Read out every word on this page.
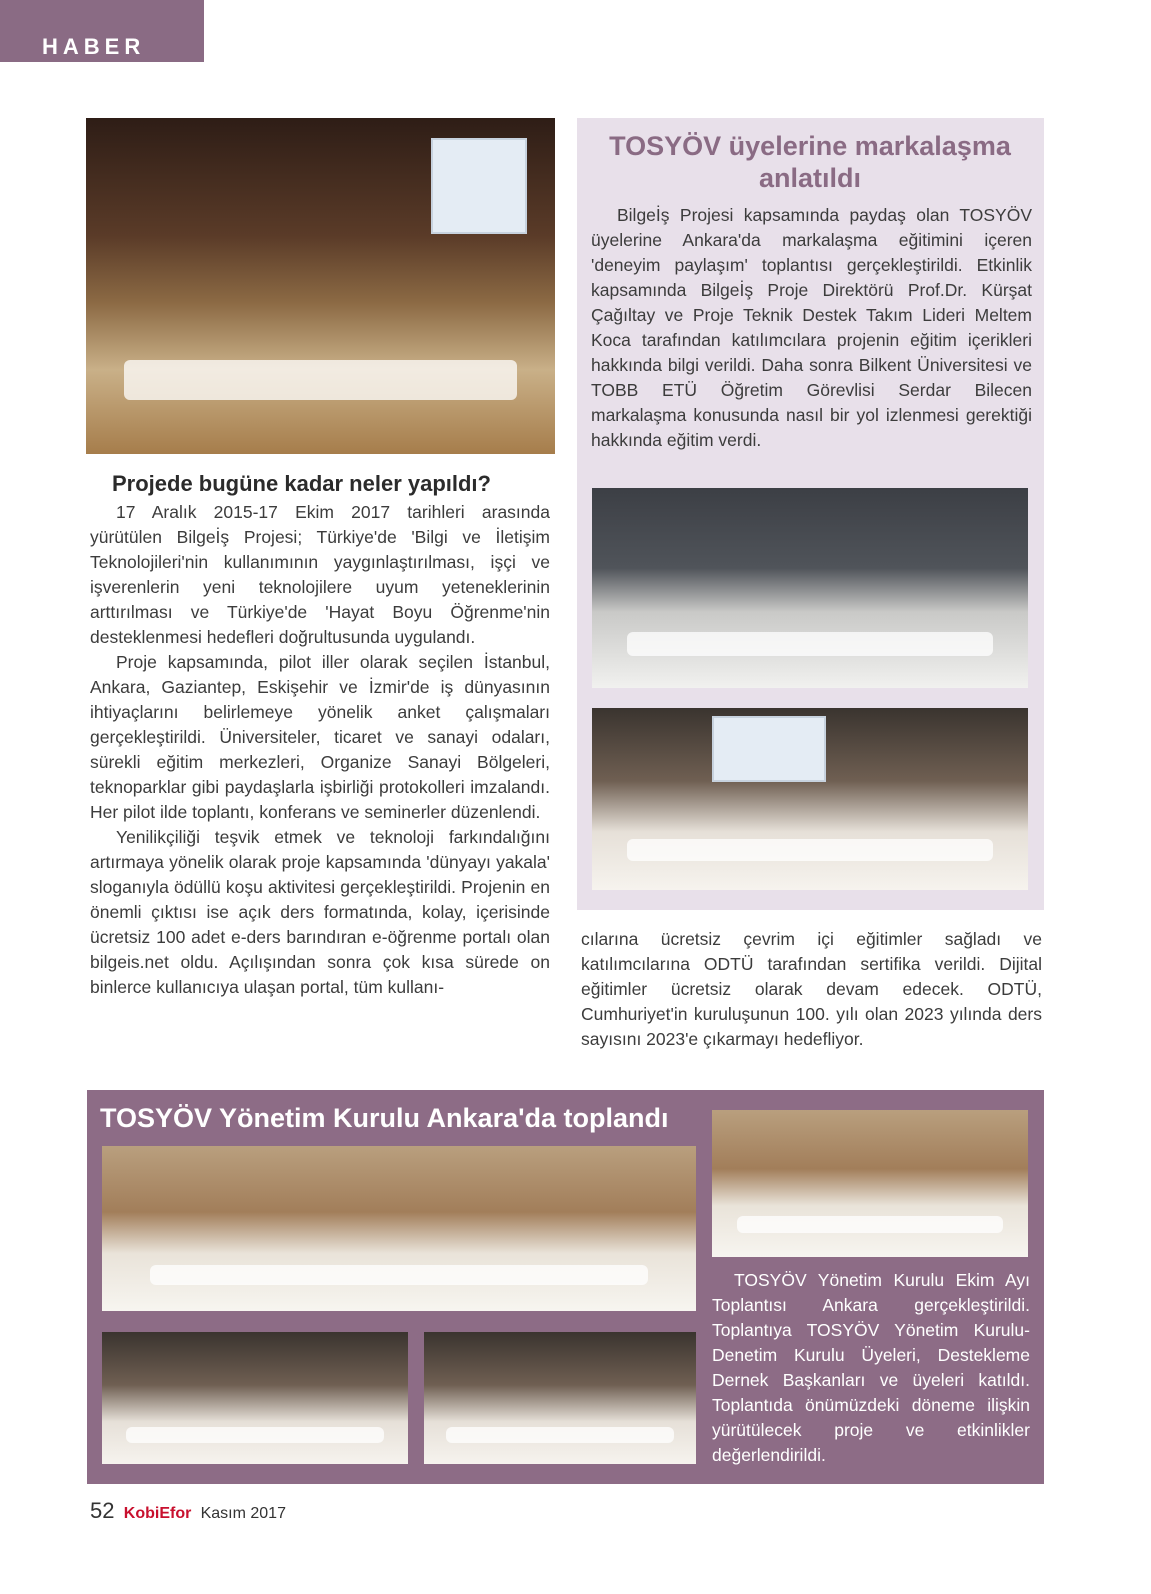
HABER
Projede bugüne kadar neler yapıldı?

17 Aralık 2015-17 Ekim 2017 tarihleri arasında yürütülen Bilgeİş Projesi; Türkiye'de 'Bilgi ve İletişim Teknolojileri'nin kullanımının yaygınlaştırılması, işçi ve işverenlerin yeni teknolojilere uyum yeteneklerinin arttırılması ve Türkiye'de 'Hayat Boyu Öğrenme'nin desteklenmesi hedefleri doğrultusunda uygulandı.

Proje kapsamında, pilot iller olarak seçilen İstanbul, Ankara, Gaziantep, Eskişehir ve İzmir'de iş dünyasının ihtiyaçlarını belirlemeye yönelik anket çalışmaları gerçekleştirildi. Üniversiteler, ticaret ve sanayi odaları, sürekli eğitim merkezleri, Organize Sanayi Bölgeleri, teknoparklar gibi paydaşlarla işbirliği protokolleri imzalandı. Her pilot ilde toplantı, konferans ve seminerler düzenlendi.

Yenilikçiliği teşvik etmek ve teknoloji farkındalığını artırmaya yönelik olarak proje kapsamında 'dünyayı yakala' sloganıyla ödüllü koşu aktivitesi gerçekleştirildi. Projenin en önemli çıktısı ise açık ders formatında, kolay, içerisinde ücretsiz 100 adet e-ders barındıran e-öğrenme portalı olan bilgeis.net oldu. Açılışından sonra çok kısa sürede on binlerce kullanıcıya ulaşan portal, tüm kullanı-

TOSYÖV üyelerine markalaşma anlatıldı

Bilgeİş Projesi kapsamında paydaş olan TOSYÖV üyelerine Ankara'da markalaşma eğitimini içeren 'deneyim paylaşım' toplantısı gerçekleştirildi. Etkinlik kapsamında Bilgeİş Proje Direktörü Prof.Dr. Kürşat Çağıltay ve Proje Teknik Destek Takım Lideri Meltem Koca tarafından katılımcılara projenin eğitim içerikleri hakkında bilgi verildi. Daha sonra Bilkent Üniversitesi ve TOBB ETÜ Öğretim Görevlisi Serdar Bilecen markalaşma konusunda nasıl bir yol izlenmesi gerektiği hakkında eğitim verdi.

cılarına ücretsiz çevrim içi eğitimler sağladı ve katılımcılarına ODTÜ tarafından sertifika verildi. Dijital eğitimler ücretsiz olarak devam edecek. ODTÜ, Cumhuriyet'in kuruluşunun 100. yılı olan 2023 yılında ders sayısını 2023'e çıkarmayı hedefliyor.

TOSYÖV Yönetim Kurulu Ankara'da toplandı

TOSYÖV Yönetim Kurulu Ekim Ayı Toplantısı Ankara gerçekleştirildi. Toplantıya TOSYÖV Yönetim Kurulu-Denetim Kurulu Üyeleri, Destekleme Dernek Başkanları ve üyeleri katıldı. Toplantıda önümüzdeki döneme ilişkin yürütülecek proje ve etkinlikler değerlendirildi.

52 KobiEfor Kasım 2017
